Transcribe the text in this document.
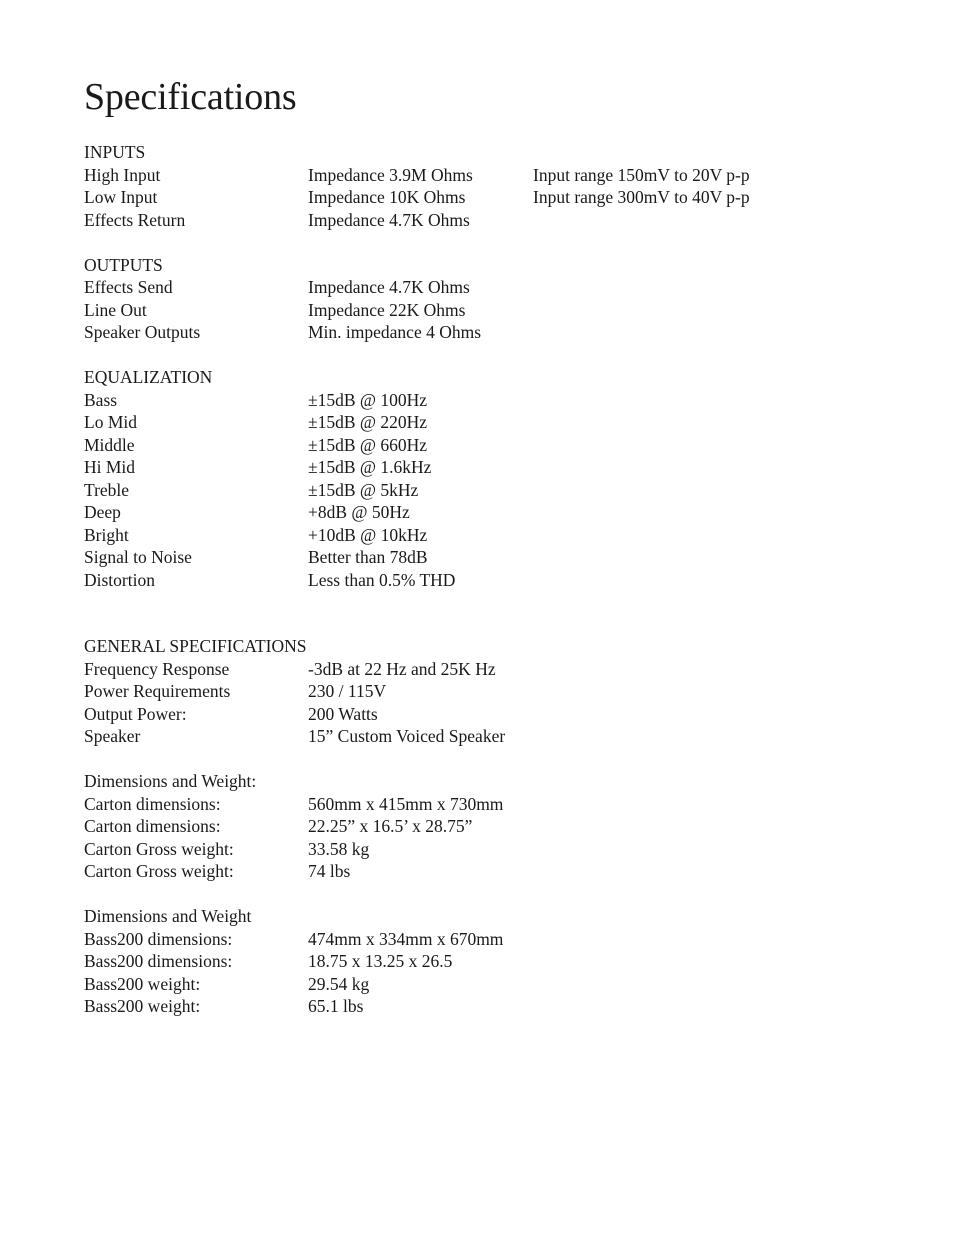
Specifications
INPUTS
High Input	Impedance 3.9M Ohms	Input range 150mV to 20V p-p
Low Input	Impedance 10K Ohms	Input range 300mV to 40V p-p
Effects Return	Impedance 4.7K Ohms
OUTPUTS
Effects Send	Impedance 4.7K Ohms
Line Out	Impedance 22K Ohms
Speaker Outputs	Min. impedance 4 Ohms
EQUALIZATION
Bass	±15dB @ 100Hz
Lo Mid	±15dB @ 220Hz
Middle	±15dB @ 660Hz
Hi Mid	±15dB @ 1.6kHz
Treble	±15dB @ 5kHz
Deep	+8dB @ 50Hz
Bright	+10dB @ 10kHz
Signal to Noise	Better than 78dB
Distortion	Less than 0.5% THD
GENERAL SPECIFICATIONS
Frequency Response	-3dB at 22 Hz and 25K Hz
Power Requirements	230 / 115V
Output Power:	200 Watts
Speaker	15” Custom Voiced Speaker
Dimensions and Weight:
Carton dimensions:	560mm x 415mm x 730mm
Carton dimensions:	22.25” x 16.5’ x 28.75”
Carton Gross weight:	33.58 kg
Carton Gross weight:	74 lbs
Dimensions and Weight
Bass200 dimensions:	474mm x 334mm x 670mm
Bass200 dimensions:	18.75 x 13.25 x 26.5
Bass200 weight:	29.54 kg
Bass200 weight:	65.1 lbs
